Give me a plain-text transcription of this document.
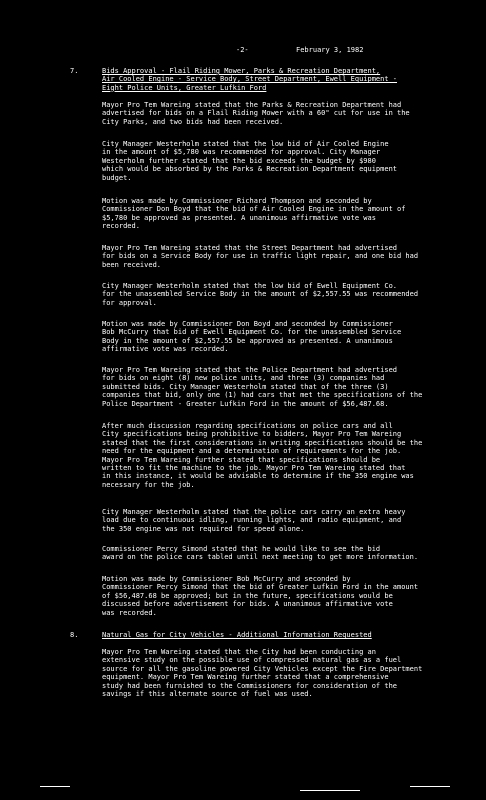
-2-	February 3, 1982
7.	Bids Approval - Flail Riding Mower, Parks & Recreation Department,
Air Cooled Engine - Service Body, Street Department, Ewell Equipment -
Eight Police Units, Greater Lufkin Ford

Mayor Pro Tem Wareing stated that the Parks & Recreation Department had
advertised for bids on a Flail Riding Mower with a 60" cut for use in the
City Parks, and two bids had been received.

City Manager Westerholm stated that the low bid of Air Cooled Engine
in the amount of $5,780 was recommended for approval. City Manager
Westerholm further stated that the bid exceeds the budget by $980
which would be absorbed by the Parks & Recreation Department equipment
budget.

Motion was made by Commissioner Richard Thompson and seconded by
Commissioner Don Boyd that the bid of Air Cooled Engine in the amount of
$5,780 be approved as presented. A unanimous affirmative vote was
recorded.

Mayor Pro Tem Wareing stated that the Street Department had advertised
for bids on a Service Body for use in traffic light repair, and one bid had
been received.

City Manager Westerholm stated that the low bid of Ewell Equipment Co.
for the unassembled Service Body in the amount of $2,557.55 was recommended
for approval.

Motion was made by Commissioner Don Boyd and seconded by Commissioner
Bob McCurry that bid of Ewell Equipment Co. for the unassembled Service
Body in the amount of $2,557.55 be approved as presented. A unanimous
affirmative vote was recorded.

Mayor Pro Tem Wareing stated that the Police Department had advertised
for bids on eight (8) new police units, and three (3) companies had
submitted bids. City Manager Westerholm stated that of the three (3)
companies that bid, only one (1) had cars that met the specifications of the
Police Department - Greater Lufkin Ford in the amount of $56,487.68.

After much discussion regarding specifications on police cars and all
City specifications being prohibitive to bidders, Mayor Pro Tem Wareing
stated that the first considerations in writing specifications should be the
need for the equipment and a determination of requirements for the job.
Mayor Pro Tem Wareing further stated that specifications should be
written to fit the machine to the job. Mayor Pro Tem Wareing stated that
in this instance, it would be advisable to determine if the 350 engine was
necessary for the job.

City Manager Westerholm stated that the police cars carry an extra heavy
load due to continuous idling, running lights, and radio equipment, and
the 350 engine was not required for speed alone.

Commissioner Percy Simond stated that he would like to see the bid
award on the police cars tabled until next meeting to get more information.

Motion was made by Commissioner Bob McCurry and seconded by
Commissioner Percy Simond that the bid of Greater Lufkin Ford in the amount
of $56,487.68 be approved; but in the future, specifications would be
discussed before advertisement for bids. A unanimous affirmative vote
was recorded.

8.	Natural Gas for City Vehicles - Additional Information Requested

Mayor Pro Tem Wareing stated that the City had been conducting an
extensive study on the possible use of compressed natural gas as a fuel
source for all the gasoline powered City Vehicles except the Fire Department
equipment. Mayor Pro Tem Wareing further stated that a comprehensive
study had been furnished to the Commissioners for consideration of the
savings if this alternate source of fuel was used.
